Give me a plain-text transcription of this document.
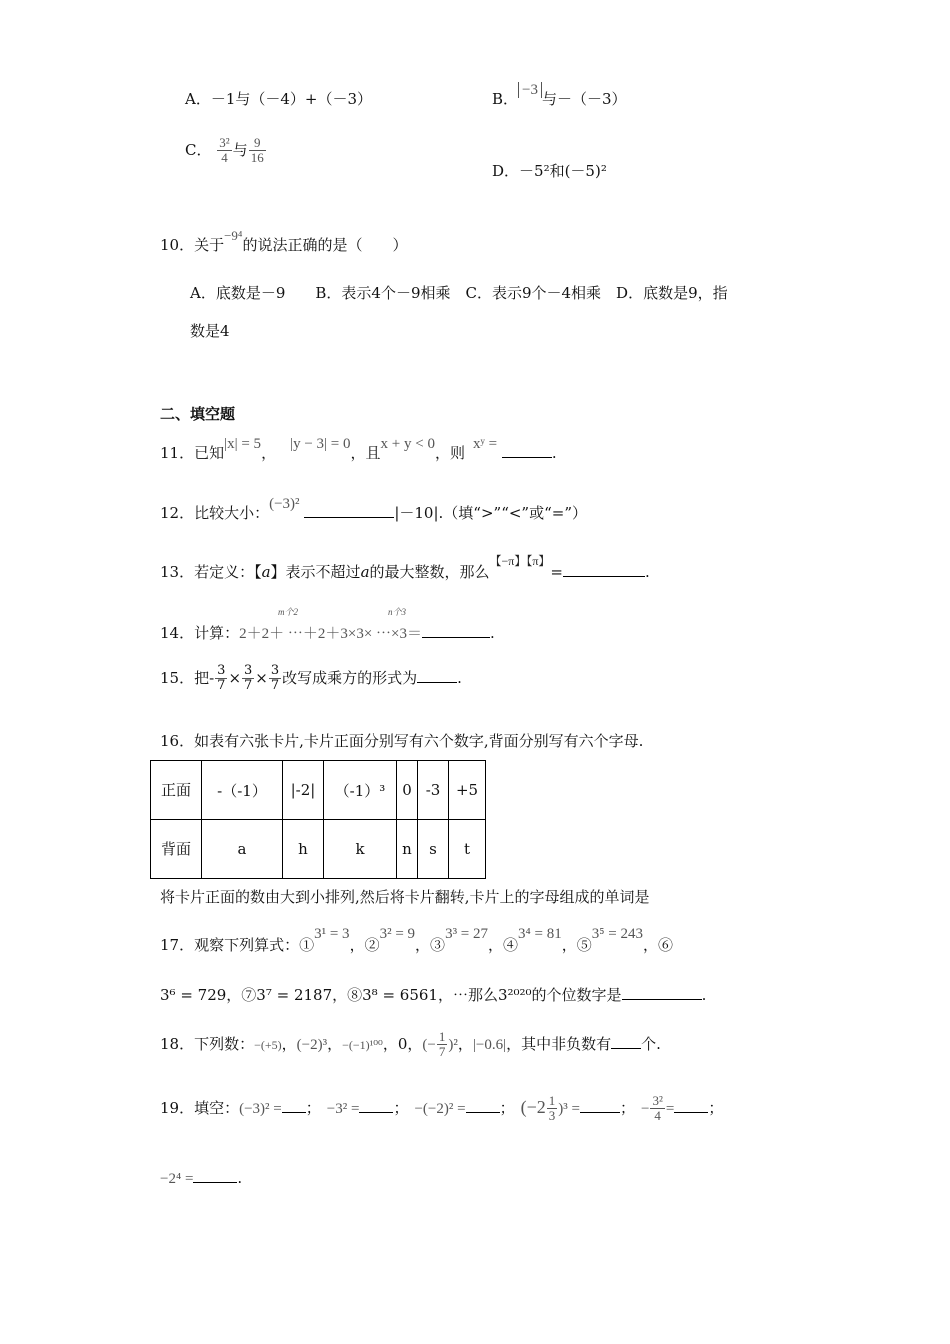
A．－1与（－4）+（－3）	B． −3 与－（－3）
C． $\frac{\text{3²}}{4}$ 与 $\frac{9}{16}$
D．－5²和(－5)²
10．关于−9⁴的说法正确的是（　　）
A．底数是－9　　B．表示4个－9相乘　C．表示9个－4相乘　D．底数是9，指
数是4
二、填空题
11．已知|x| = 5， |y − 3| = 0，且x + y < 0，则 xʸ =	.
12．比较大小：(−3)²	|－10|.（填“>”“<”或“=”）
13．若定义：【a】表示不超过a的最大整数，那么【−π】【π】=	.
14．计算：2＋2＋ ⋯＋2＋3×3× ⋯×3＝	.
m个2	n个3
15．把- $\frac{3}{7} \times \frac{3}{7} \times \frac{3}{7}$ 改写成乘方的形式为	.
16．如表有六张卡片,卡片正面分别写有六个数字,背面分别写有六个字母.
正面	-（-1）	|-2|	（-1）³	0	-3	+5
背面	a	h	k	n	s	t
将卡片正面的数由大到小排列,然后将卡片翻转,卡片上的字母组成的单词是
17．观察下列算式：①3¹ = 3，②3² = 9，③3³ = 27，④3⁴ = 81，⑤3⁵ = 243，⑥
3⁶ = 729，⑦3⁷ = 2187，⑧3⁸ = 6561，⋯那么3²⁰²⁰的个位数字是	.
18．下列数：−(+5)，(−2)³，−(−1)¹⁰⁰，0，(− $\frac{1}{7} )^2$，|−0.6|，其中非负数有 个.
19．填空：(−3)² = ； −3² = ； −(−2)² = ； $(-2 \frac{1}{3} )^3$ =	； − $\frac{\text{3²}}{4}$ = ；
−2⁴ =	.
